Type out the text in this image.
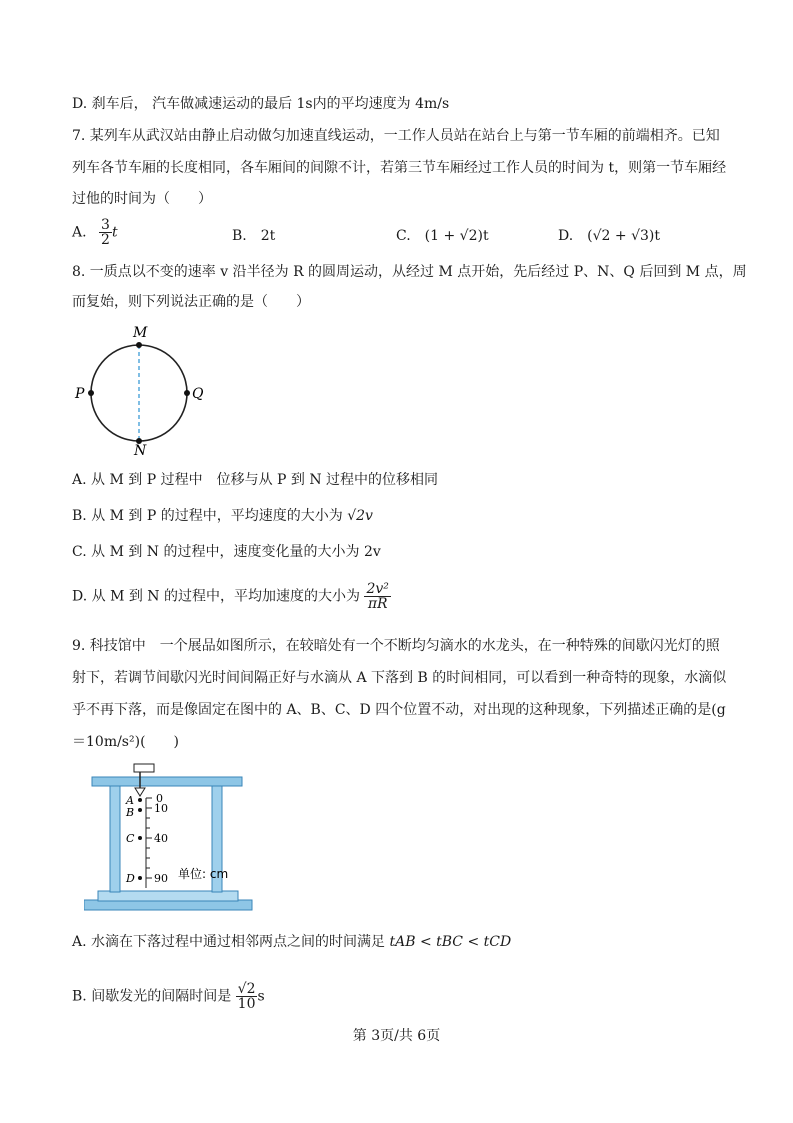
D. 刹车后， 汽车做减速运动的最后 1s内的平均速度为 4m/s
7. 某列车从武汉站由静止启动做匀加速直线运动，一工作人员站在站台上与第一节车厢的前端相齐。已知
列车各节车厢的长度相同，各车厢间的间隙不计，若第三节车厢经过工作人员的时间为 t，则第一节车厢经
过他的时间为（　　）
A. $\frac{3}{2}$ t	B.　2t	C.　(1 + √2)t	D.　(√2 + √3)t
8. 一质点以不变的速率 v 沿半径为 R 的圆周运动，从经过 M 点开始，先后经过 P、N、Q 后回到 M 点，周
而复始，则下列说法正确的是（　　）
M
N
P	Q
A. 从 M 到 P 过程中　位移与从 P 到 N 过程中的位移相同
B. 从 M 到 P 的过程中，平均速度的大小为 √2v
C. 从 M 到 N 的过程中，速度变化量的大小为 2v
D. 从 M 到 N 的过程中，平均加速度的大小为 $\frac{\text{2v²}}{\pi R}$
9. 科技馆中　一个展品如图所示，在较暗处有一个不断均匀滴水的水龙头，在一种特殊的间歇闪光灯的照
射下，若调节间歇闪光时间间隔正好与水滴从 A 下落到 B 的时间相同，可以看到一种奇特的现象，水滴似
乎不再下落，而是像固定在图中的 A、B、C、D 四个位置不动，对出现的这种现象，下列描述正确的是(g
＝10m/s²)(　　)
A
B
C
D
0
10
40
90 单位: cm
A. 水滴在下落过程中通过相邻两点之间的时间满足 tAB < tBC < tCD
B. 间歇发光的间隔时间是 $\frac{√2}{10}$ s
第 3页/共 6页
